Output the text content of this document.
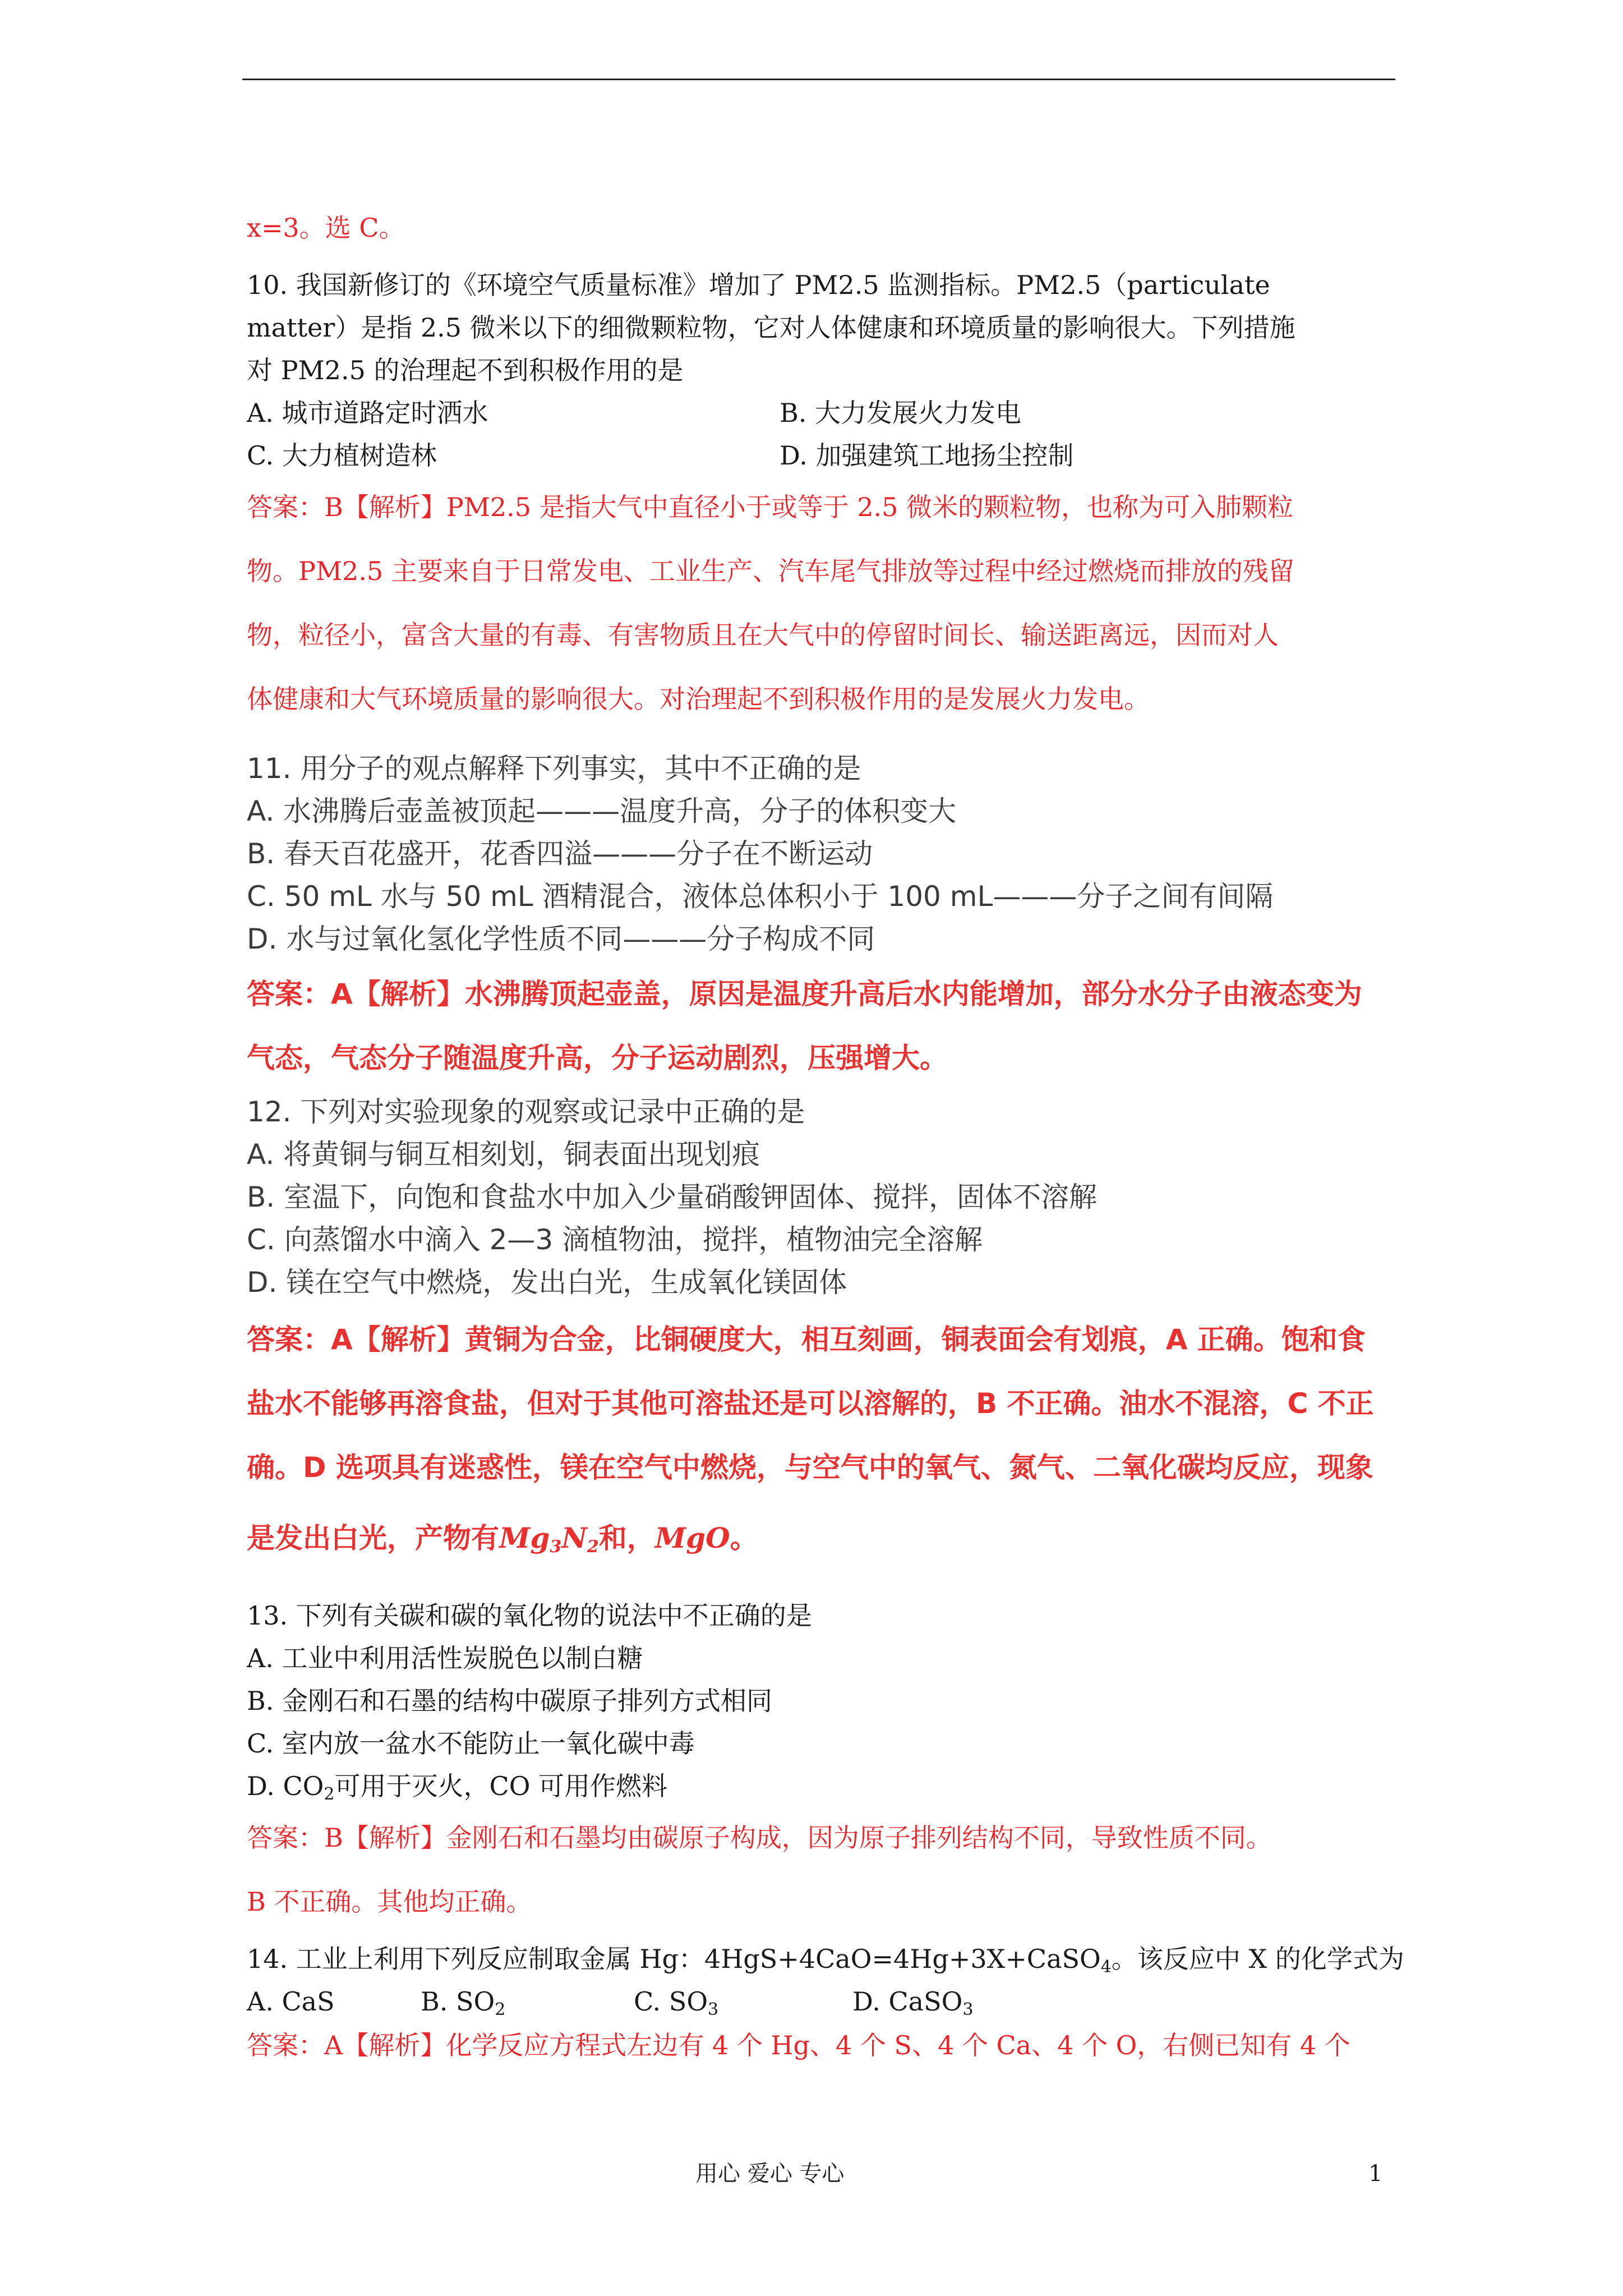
x=3。选 C。
10. 我国新修订的《环境空气质量标准》增加了 PM2.5 监测指标。PM2.5（particulate
matter）是指 2.5 微米以下的细微颗粒物，它对人体健康和环境质量的影响很大。下列措施
对 PM2.5 的治理起不到积极作用的是
A. 城市道路定时洒水	B. 大力发展火力发电
C. 大力植树造林	D. 加强建筑工地扬尘控制
答案：B【解析】PM2.5 是指大气中直径小于或等于 2.5 微米的颗粒物，也称为可入肺颗粒
物。PM2.5 主要来自于日常发电、工业生产、汽车尾气排放等过程中经过燃烧而排放的残留
物，粒径小，富含大量的有毒、有害物质且在大气中的停留时间长、输送距离远，因而对人
体健康和大气环境质量的影响很大。对治理起不到积极作用的是发展火力发电。
11. 用分子的观点解释下列事实，其中不正确的是
A. 水沸腾后壶盖被顶起———温度升高，分子的体积变大
B. 春天百花盛开，花香四溢———分子在不断运动
C. 50 mL 水与 50 mL 酒精混合，液体总体积小于 100 mL———分子之间有间隔
D. 水与过氧化氢化学性质不同———分子构成不同
答案：A【解析】水沸腾顶起壶盖，原因是温度升高后水内能增加，部分水分子由液态变为
气态，气态分子随温度升高，分子运动剧烈，压强增大。
12. 下列对实验现象的观察或记录中正确的是
A. 将黄铜与铜互相刻划，铜表面出现划痕
B. 室温下，向饱和食盐水中加入少量硝酸钾固体、搅拌，固体不溶解
C. 向蒸馏水中滴入 2—3 滴植物油，搅拌，植物油完全溶解
D. 镁在空气中燃烧，发出白光，生成氧化镁固体
答案：A【解析】黄铜为合金，比铜硬度大，相互刻画，铜表面会有划痕，A 正确。饱和食
盐水不能够再溶食盐，但对于其他可溶盐还是可以溶解的，B 不正确。油水不混溶，C 不正
确。D 选项具有迷惑性，镁在空气中燃烧，与空气中的氧气、氮气、二氧化碳均反应，现象
是发出白光，产物有$Mg_3N_2$和，MgO。
13. 下列有关碳和碳的氧化物的说法中不正确的是
A. 工业中利用活性炭脱色以制白糖
B. 金刚石和石墨的结构中碳原子排列方式相同
C. 室内放一盆水不能防止一氧化碳中毒
D. $CO_2$可用于灭火，CO 可用作燃料
答案：B【解析】金刚石和石墨均由碳原子构成，因为原子排列结构不同，导致性质不同。
B 不正确。其他均正确。
14. 工业上利用下列反应制取金属 Hg：4HgS+4CaO=4Hg+3X+CaSO$_4$。该反应中 X 的化学式为
A. CaS	B. $SO_2$	C. $SO_3$	D. CaSO$_3$
答案：A【解析】化学反应方程式左边有 4 个 Hg、4 个 S、4 个 Ca、4 个 O，右侧已知有 4 个
用心 爱心 专心	1
